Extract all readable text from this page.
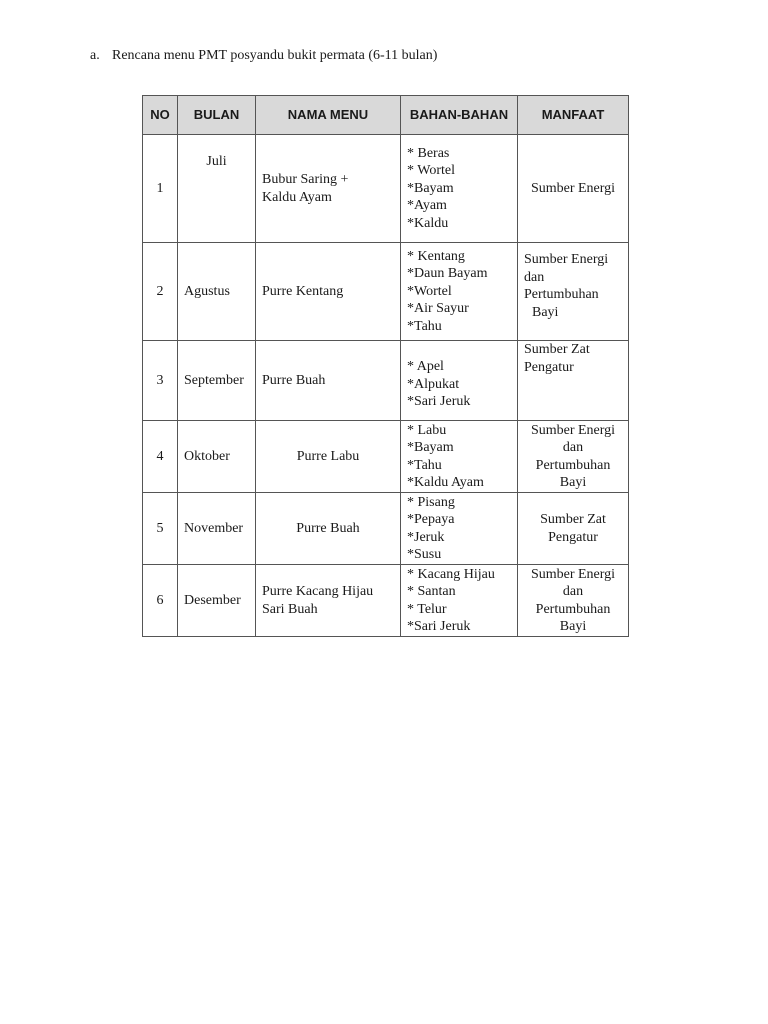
a. Rencana menu PMT posyandu bukit permata (6-11 bulan)
NO	BULAN	NAMA MENU	BAHAN-BAHAN	MANFAAT
1	Juli	Bubur Saring +
Kaldu Ayam	* Beras
* Wortel
*Bayam
*Ayam
*Kaldu	Sumber Energi

2	Agustus	Purre Kentang	* Kentang
*Daun Bayam
*Wortel
*Air Sayur
*Tahu	Sumber Energi
dan
Pertumbuhan
Bayi

3	September	Purre Buah	* Apel
*Alpukat
*Sari Jeruk	Sumber Zat
Pengatur

4	Oktober	Purre Labu	* Labu
*Bayam
*Tahu
*Kaldu Ayam	Sumber Energi
dan
Pertumbuhan
Bayi

5	November	Purre Buah	* Pisang
*Pepaya
*Jeruk
*Susu	Sumber Zat
Pengatur

6	Desember	Purre Kacang Hijau
Sari Buah	* Kacang Hijau
* Santan
* Telur
*Sari Jeruk	Sumber Energi
dan
Pertumbuhan
Bayi
